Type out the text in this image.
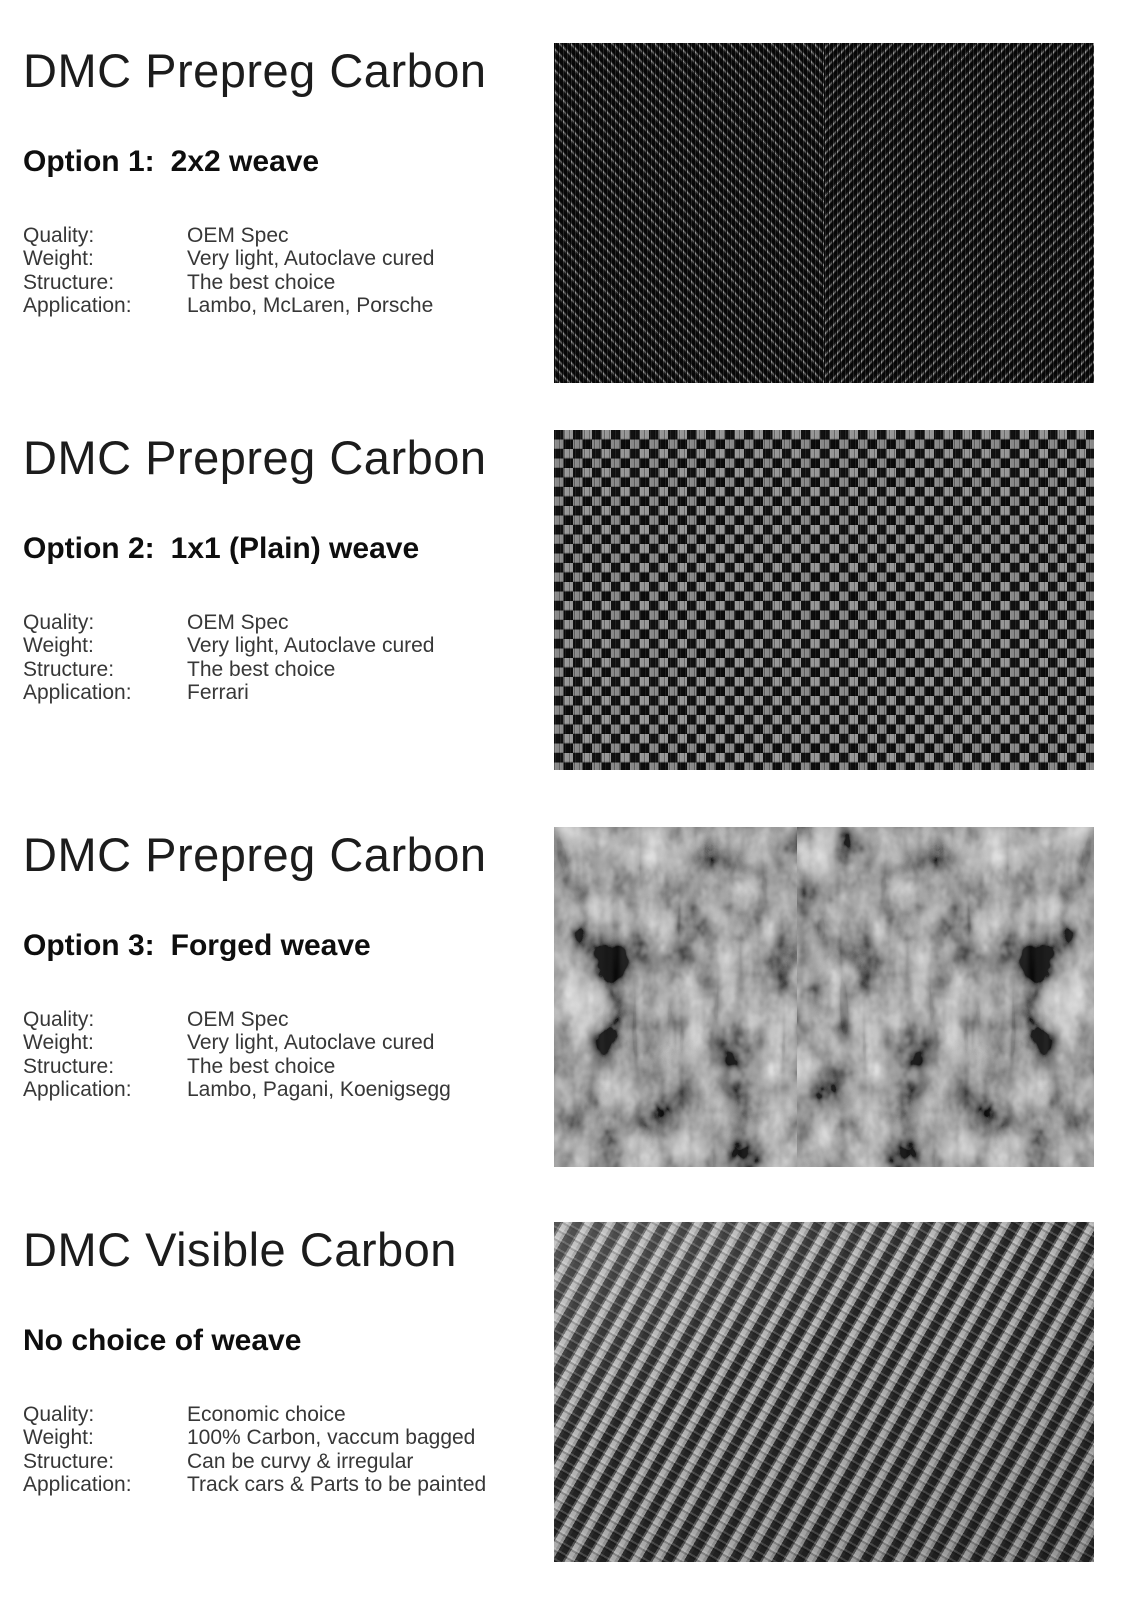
DMC Prepreg Carbon
Option 1: 2x2 weave
Quality:	OEM Spec
Weight:	Very light, Autoclave cured
Structure:	The best choice
Application:	Lambo, McLaren, Porsche
DMC Prepreg Carbon
Option 2: 1x1 (Plain) weave
Quality:	OEM Spec
Weight:	Very light, Autoclave cured
Structure:	The best choice
Application:	Ferrari
DMC Prepreg Carbon
Option 3: Forged weave
Quality:	OEM Spec
Weight:	Very light, Autoclave cured
Structure:	The best choice
Application:	Lambo, Pagani, Koenigsegg
DMC Visible Carbon
No choice of weave
Quality:	Economic choice
Weight:	100% Carbon, vaccum bagged
Structure:	Can be curvy & irregular
Application:	Track cars & Parts to be painted
